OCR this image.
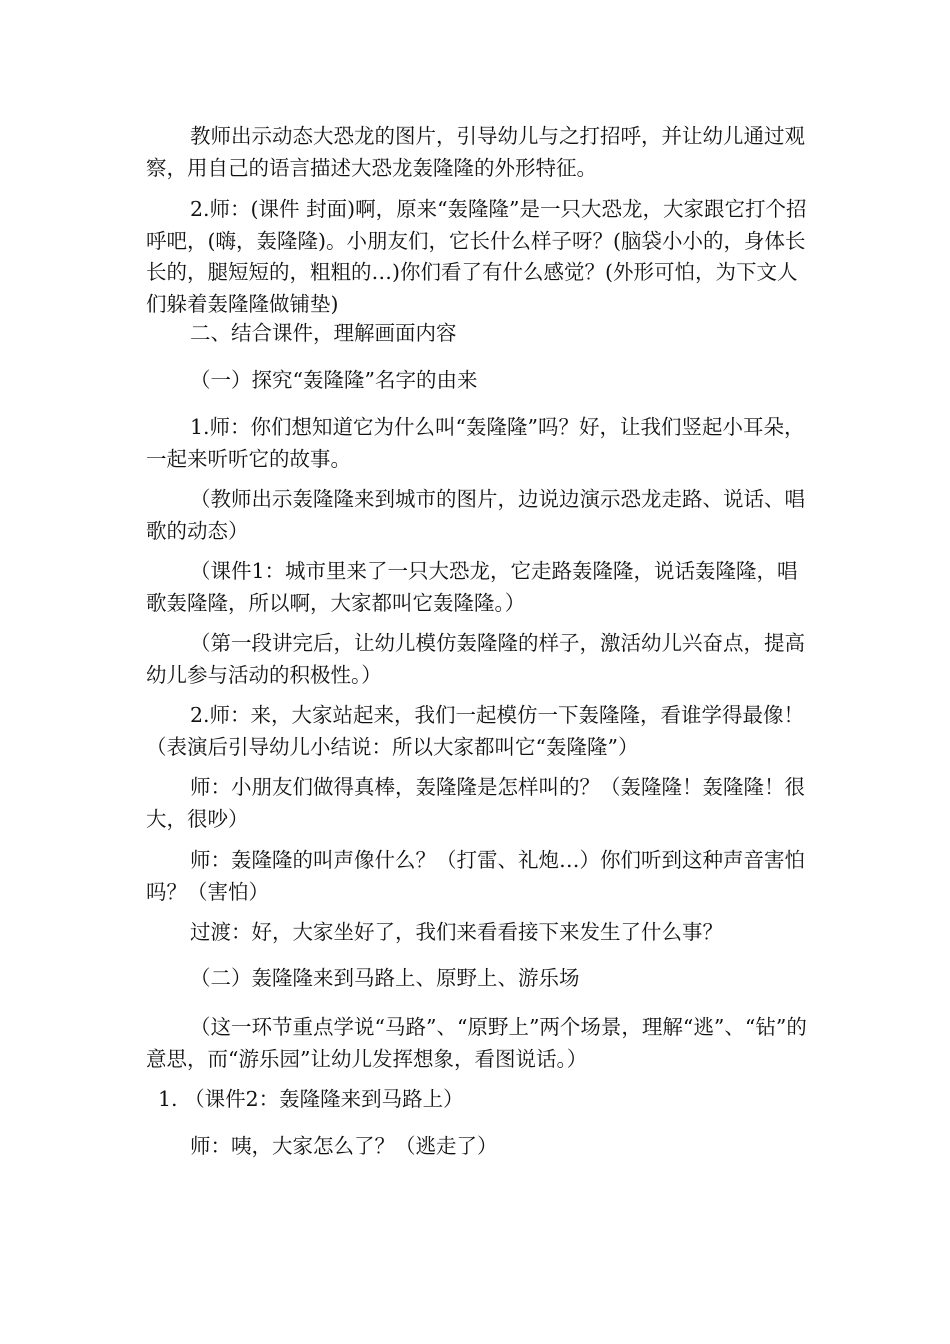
教师出示动态大恐龙的图片，引导幼儿与之打招呼，并让幼儿通过观察，用自己的语言描述大恐龙轰隆隆的外形特征。

2.师：(课件 封面)啊，原来“轰隆隆”是一只大恐龙，大家跟它打个招呼吧，(嗨，轰隆隆)。小朋友们，它长什么样子呀？(脑袋小小的，身体长长的，腿短短的，粗粗的…)你们看了有什么感觉？(外形可怕，为下文人们躲着轰隆隆做铺垫)

二、结合课件，理解画面内容

（一）探究“轰隆隆”名字的由来

1.师：你们想知道它为什么叫“轰隆隆”吗？好，让我们竖起小耳朵，一起来听听它的故事。

（教师出示轰隆隆来到城市的图片，边说边演示恐龙走路、说话、唱歌的动态）

（课件1：城市里来了一只大恐龙，它走路轰隆隆，说话轰隆隆，唱歌轰隆隆，所以啊，大家都叫它轰隆隆。）

（第一段讲完后，让幼儿模仿轰隆隆的样子，激活幼儿兴奋点，提高幼儿参与活动的积极性。）

2.师：来，大家站起来，我们一起模仿一下轰隆隆，看谁学得最像！（表演后引导幼儿小结说：所以大家都叫它“轰隆隆”）

师：小朋友们做得真棒，轰隆隆是怎样叫的？（轰隆隆！轰隆隆！很大，很吵）

师：轰隆隆的叫声像什么？（打雷、礼炮…）你们听到这种声音害怕吗？（害怕）

过渡：好，大家坐好了，我们来看看接下来发生了什么事？

（二）轰隆隆来到马路上、原野上、游乐场

（这一环节重点学说“马路”、“原野上”两个场景，理解“逃”、“钻”的意思，而“游乐园”让幼儿发挥想象，看图说话。）

1. （课件2：轰隆隆来到马路上）

师：咦，大家怎么了？（逃走了）
